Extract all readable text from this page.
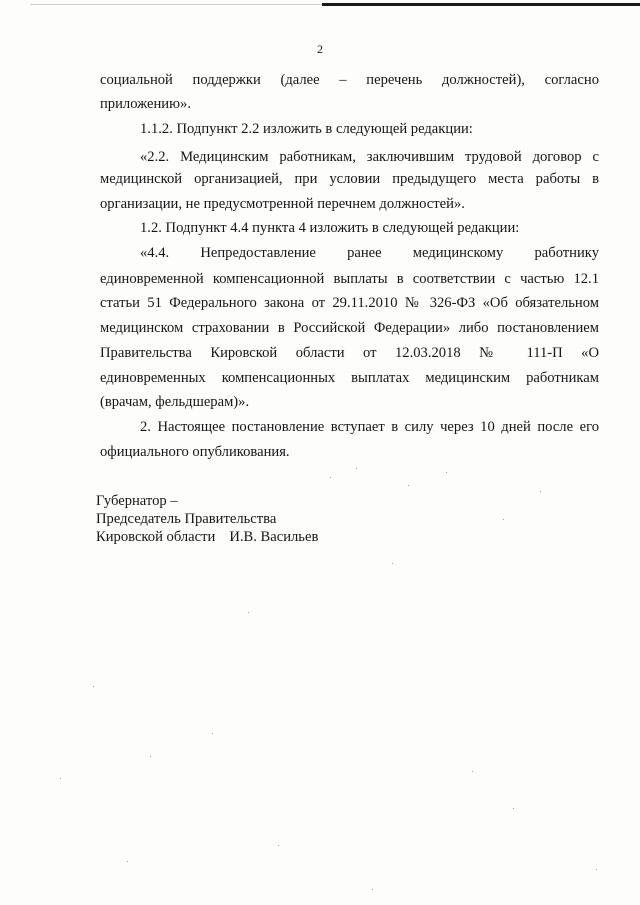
2
социальной поддержки (далее – перечень должностей), согласно
приложению».
1.1.2. Подпункт 2.2 изложить в следующей редакции:
«2.2. Медицинским работникам, заключившим трудовой договор с
медицинской организацией, при условии предыдущего места работы в
организации, не предусмотренной перечнем должностей».
1.2. Подпункт 4.4 пункта 4 изложить в следующей редакции:
«4.4. Непредоставление ранее медицинскому работнику
единовременной компенсационной выплаты в соответствии с частью 12.1
статьи 51 Федерального закона от 29.11.2010 № 326-ФЗ «Об обязательном
медицинском страховании в Российской Федерации» либо постановлением
Правительства Кировской области от 12.03.2018 № 111-П «О
единовременных компенсационных выплатах медицинским работникам
(врачам, фельдшерам)».
2. Настоящее постановление вступает в силу через 10 дней после его
официального опубликования.
Губернатор –
Председатель Правительства
Кировской области И.В. Васильев
